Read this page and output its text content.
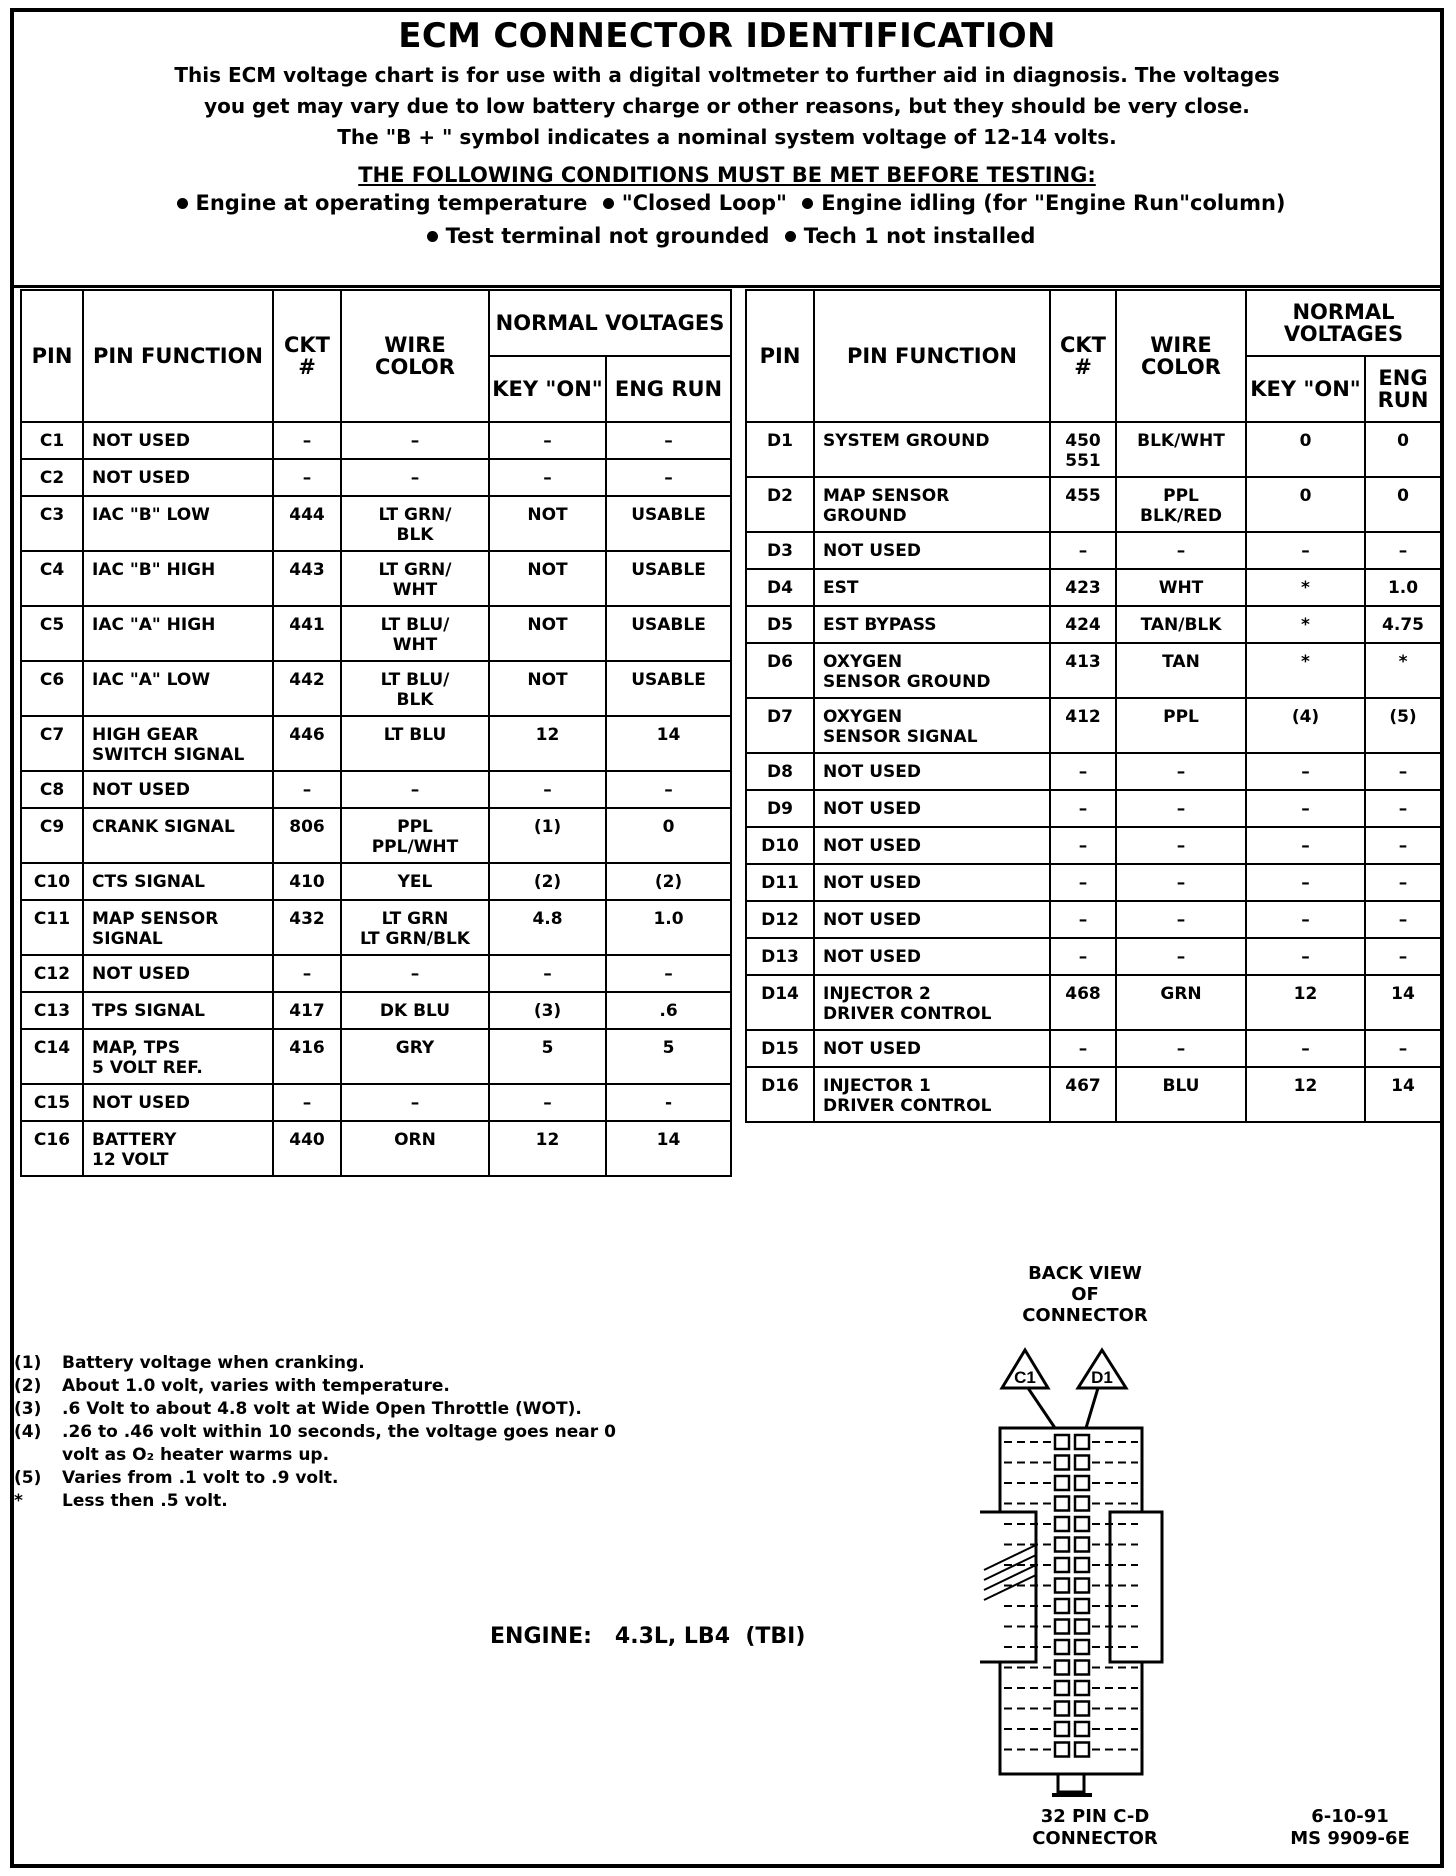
ECM CONNECTOR IDENTIFICATION
This ECM voltage chart is for use with a digital voltmeter to further aid in diagnosis. The voltages
you get may vary due to low battery charge or other reasons, but they should be very close.
The "B + " symbol indicates a nominal system voltage of 12-14 volts.
THE FOLLOWING CONDITIONS MUST BE MET BEFORE TESTING:
Engine at operating temperature "Closed Loop" Engine idling (for "Engine Run"column)
Test terminal not grounded Tech 1 not installed
PIN	PIN FUNCTION	CKT #	WIRE COLOR	NORMAL VOLTAGES	
				KEY "ON"	ENG RUN
C1	NOT USED	–	–	–	–
C2	NOT USED	–	–	–	–
C3	IAC "B" LOW	444	LT GRN/
BLK	NOT	USABLE
C4	IAC "B" HIGH	443	LT GRN/
WHT	NOT	USABLE
C5	IAC "A" HIGH	441	LT BLU/
WHT	NOT	USABLE
C6	IAC "A" LOW	442	LT BLU/
BLK	NOT	USABLE
C7	HIGH GEAR
SWITCH SIGNAL	446	LT BLU	12	14
C8	NOT USED	–	–	–	–
C9	CRANK SIGNAL	806	PPL
PPL/WHT	(1)	0
C10	CTS SIGNAL	410	YEL	(2)	(2)
C11	MAP SENSOR
SIGNAL	432	LT GRN
LT GRN/BLK	4.8	1.0
C12	NOT USED	–	–	–	–
C13	TPS SIGNAL	417	DK BLU	(3)	.6
C14	MAP, TPS
5 VOLT REF.	416	GRY	5	5
C15	NOT USED	–	–	–	-
C16	BATTERY
12 VOLT	440	ORN	12	14
PIN	PIN FUNCTION	CKT #	WIRE COLOR	NORMAL VOLTAGES	
				KEY "ON"	ENG RUN
D1	SYSTEM GROUND	450
551	BLK/WHT	0	0
D2	MAP SENSOR
GROUND	455	PPL
BLK/RED	0	0
D3	NOT USED	–	–	–	–
D4	EST	423	WHT	*	1.0
D5	EST BYPASS	424	TAN/BLK	*	4.75
D6	OXYGEN
SENSOR GROUND	413	TAN	*	*
D7	OXYGEN
SENSOR SIGNAL	412	PPL	(4)	(5)
D8	NOT USED	–	–	–	–
D9	NOT USED	–	–	–	–
D10	NOT USED	–	–	–	–
D11	NOT USED	–	–	–	–
D12	NOT USED	–	–	–	–
D13	NOT USED	–	–	–	–
D14	INJECTOR 2
DRIVER CONTROL	468	GRN	12	14
D15	NOT USED	–	–	–	–
D16	INJECTOR 1
DRIVER CONTROL	467	BLU	12	14
(1)	Battery voltage when cranking.
(2)	About 1.0 volt, varies with temperature.
(3)	.6 Volt to about 4.8 volt at Wide Open Throttle (WOT).
(4)	.26 to .46 volt within 10 seconds, the voltage goes near 0 volt as O₂ heater warms up.
(5)	Varies from .1 volt to .9 volt.
*	Less then .5 volt.
ENGINE:   4.3L, LB4  (TBI)
BACK VIEW
OF
CONNECTOR
C1	D1
32 PIN C-D
CONNECTOR
6-10-91
MS 9909-6E
